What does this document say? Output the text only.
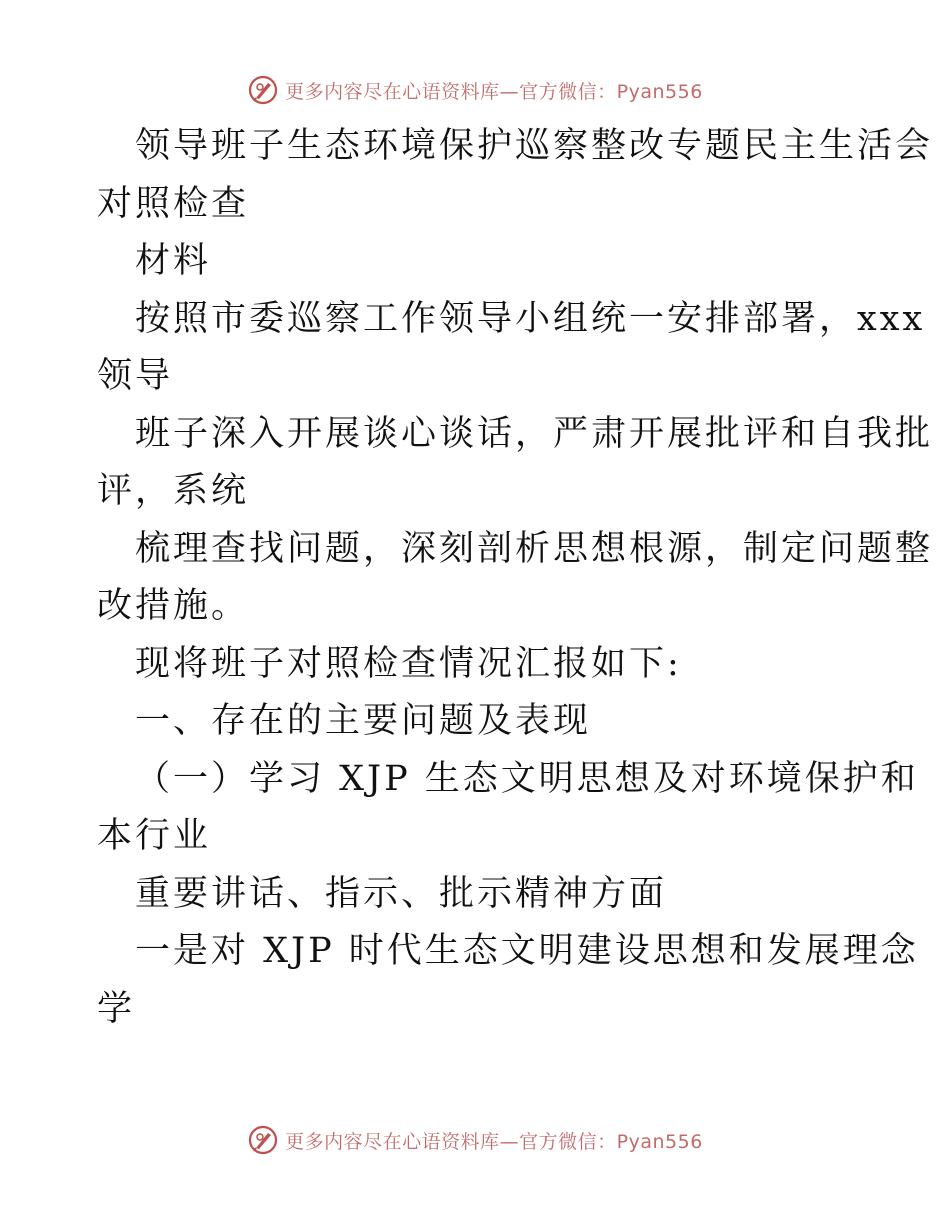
更多内容尽在心语资料库—官方微信：Pyan556
领导班子生态环境保护巡察整改专题民主生活会
对照检查
材料
按照市委巡察工作领导小组统一安排部署，xxx
领导
班子深入开展谈心谈话，严肃开展批评和自我批
评，系统
梳理查找问题，深刻剖析思想根源，制定问题整
改措施。
现将班子对照检查情况汇报如下:
一、存在的主要问题及表现
（一）学习 XJP 生态文明思想及对环境保护和
本行业
重要讲话、指示、批示精神方面
一是对 XJP 时代生态文明建设思想和发展理念
学
更多内容尽在心语资料库—官方微信：Pyan556
